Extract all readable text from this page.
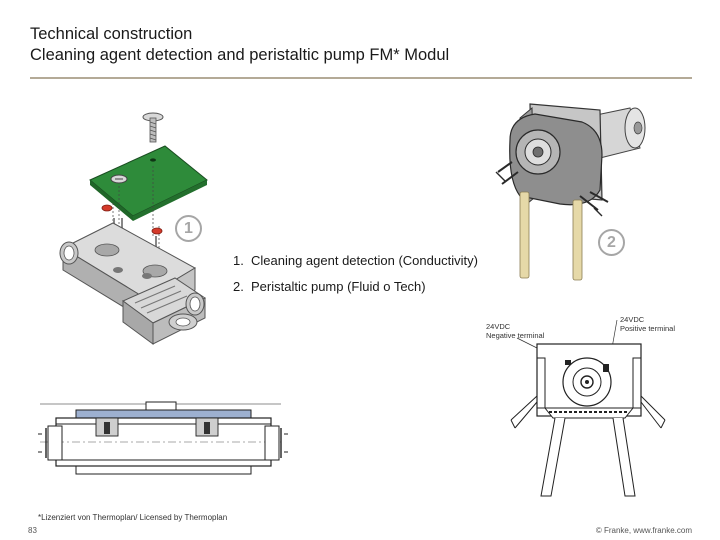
Technical construction
Cleaning agent detection and peristaltic pump FM* Modul
1
1. Cleaning agent detection (Conductivity)
2. Peristaltic pump (Fluid o Tech)
2
24VDC
Negative terminal
24VDC
Positive terminal
*Lizenziert von Thermoplan/ Licensed by Thermoplan
83	© Franke, www.franke.com
